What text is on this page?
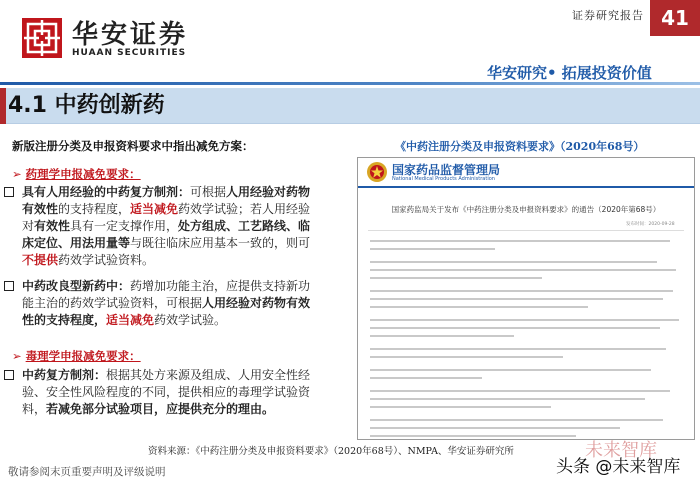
华安证券
HUAAN SECURITIES
证券研究报告 41
华安研究• 拓展投资价值
4.1 中药创新药
新版注册分类及申报资料要求中指出减免方案：
➢ 药理学申报减免要求：
具有人用经验的中药复方制剂：可根据人用经验对药物有效性的支持程度，适当减免药效学试验；若人用经验对有效性具有一定支撑作用，处方组成、工艺路线、临床定位、用法用量等与既往临床应用基本一致的，则可不提供药效学试验资料。
中药改良型新药中：药增加功能主治，应提供支持新功能主治的药效学试验资料，可根据人用经验对药物有效性的支持程度，适当减免药效学试验。
➢ 毒理学申报减免要求：
中药复方制剂：根据其处方来源及组成、人用安全性经验、安全性风险程度的不同，提供相应的毒理学试验资料，若减免部分试验项目，应提供充分的理由。
《中药注册分类及申报资料要求》（2020年68号）
国家药品监督管理局
National Medical Products Administration
国家药监局关于发布《中药注册分类及申报资料要求》的通告（2020年第68号）
发布时间：2020-09-28
资料来源：《中药注册分类及申报资料要求》（2020年68号）、NMPA、华安证券研究所
敬请参阅末页重要声明及评级说明
未来智库
头条 @未来智库
